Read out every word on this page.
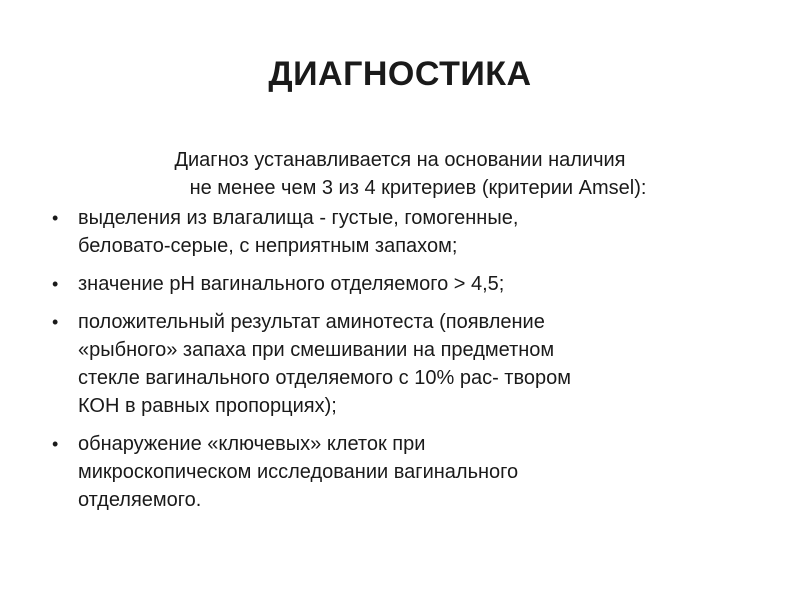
ДИАГНОСТИКА
Диагноз устанавливается на основании наличия
не менее чем 3 из 4 критериев (критерии Amsel):
• выделения из влагалища - густые, гомогенные,
беловато-серые, с неприятным запахом;
• значение pH вагинального отделяемого > 4,5;
• положительный результат аминотеста (появление
«рыбного» запаха при смешивании на предметном
стекле вагинального отделяемого с 10% рас- твором
КОН в равных пропорциях);
• обнаружение «ключевых» клеток при
микроскопическом исследовании вагинального
отделяемого.
